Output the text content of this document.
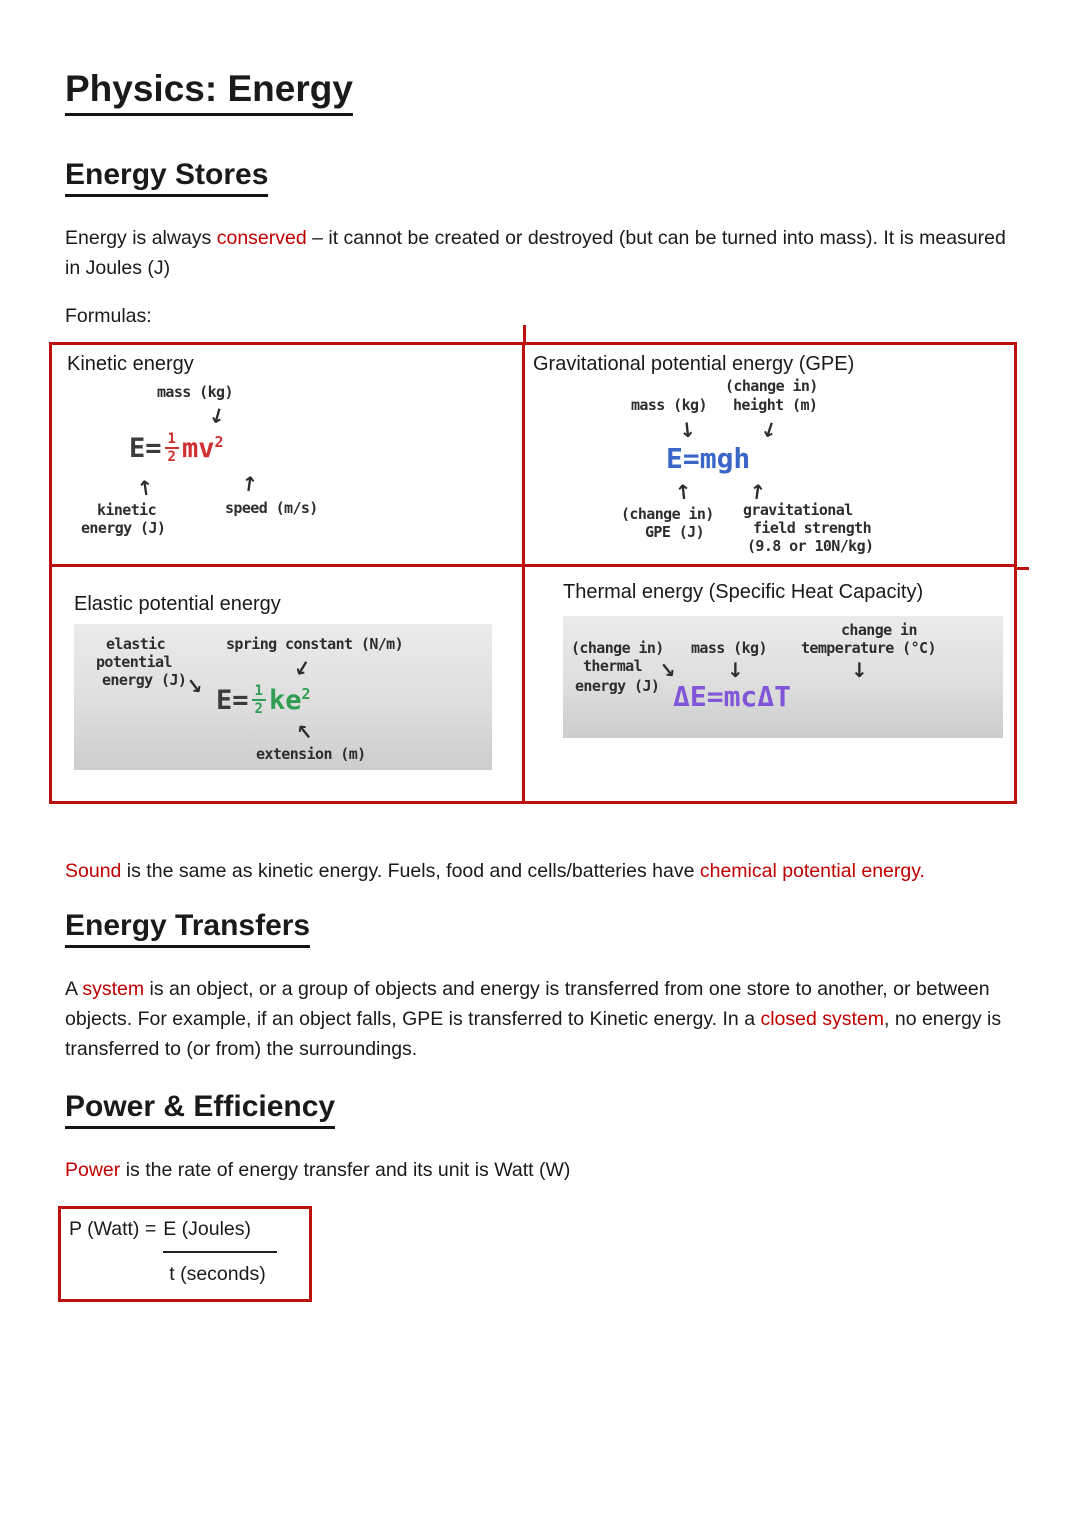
Physics: Energy
Energy Stores

Energy is always conserved – it cannot be created or destroyed (but can be turned into mass). It is measured in Joules (J)

Formulas:
Kinetic energy
mass (kg)
↓
$E= \frac{1}{2} mv^2$
↑	↑
kinetic
energy (J)
speed (m/s)
Gravitational potential energy (GPE)
(change in)
mass (kg) height (m)
↓	↓
E=mgh
↑	↑
(change in)
GPE (J)
gravitational
field strength
(9.8 or 10N/kg)
Elastic potential energy
elastic	spring constant (N/m)
potential
energy (J)
↘
↙
$E= \frac{1}{2} ke^2$
↖
extension (m)
Thermal energy (Specific Heat Capacity)
change in
(change in) mass (kg) temperature (°C)
thermal ↘	↓	↓
energy (J) ΔE=mcΔT

Sound is the same as kinetic energy. Fuels, food and cells/batteries have chemical potential energy.

Energy Transfers

A system is an object, or a group of objects and energy is transferred from one store to another, or between objects. For example, if an object falls, GPE is transferred to Kinetic energy. In a closed system, no energy is transferred to (or from) the surroundings.

Power & Efficiency

Power is the rate of energy transfer and its unit is Watt (W)

P (Watt) = $\frac{\text{E (Joules)}}{\text{t (seconds)}}$
